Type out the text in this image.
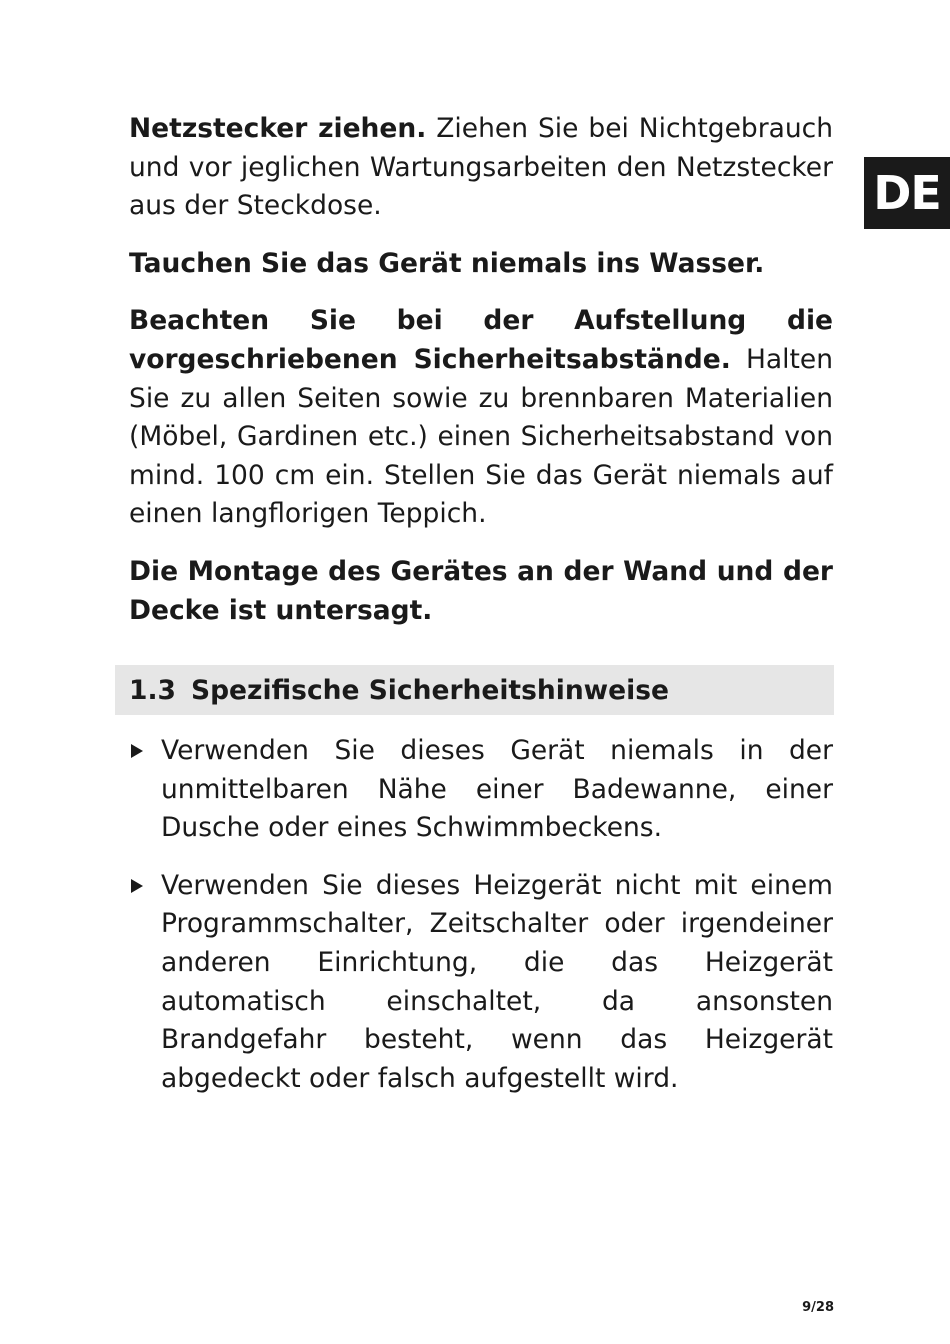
DE

Netzstecker ziehen. Ziehen Sie bei Nichtgebrauch und vor jeglichen Wartungsarbeiten den Netzstecker aus der Steckdose.

Tauchen Sie das Gerät niemals ins Wasser.

Beachten Sie bei der Aufstellung die vorgeschriebenen Sicherheitsabstände. Halten Sie zu allen Seiten sowie zu brennbaren Materialien (Möbel, Gardinen etc.) einen Sicherheitsabstand von mind. 100 cm ein. Stellen Sie das Gerät niemals auf einen langflorigen Teppich.

Die Montage des Gerätes an der Wand und der Decke ist untersagt.

1.3 Spezifische Sicherheitshinweise
Verwenden Sie dieses Gerät niemals in der unmittelbaren Nähe einer Badewanne, einer Dusche oder eines Schwimmbeckens.
Verwenden Sie dieses Heizgerät nicht mit einem Programmschalter, Zeitschalter oder irgendeiner anderen Einrichtung, die das Heizgerät automatisch einschaltet, da ansonsten Brandgefahr besteht, wenn das Heizgerät abgedeckt oder falsch aufgestellt wird.
9/28
